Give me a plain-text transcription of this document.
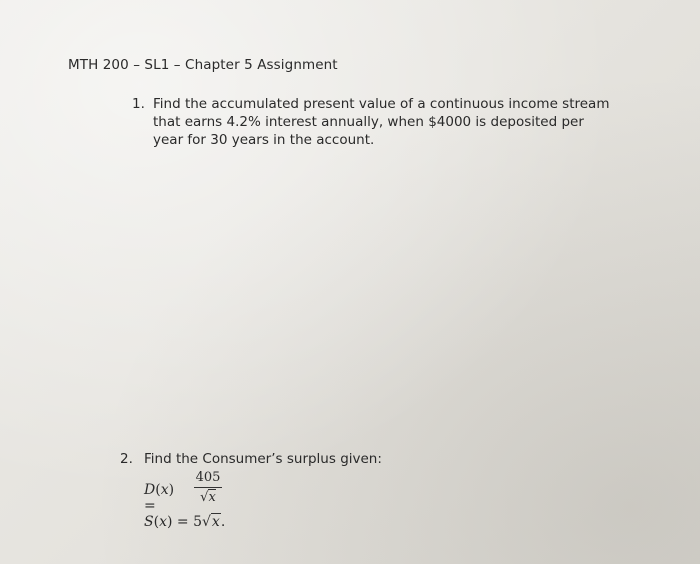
MTH 200 – SL1 – Chapter 5 Assignment
1. Find the accumulated present value of a continuous income stream that earns 4.2% interest annually, when $4000 is deposited per year for 30 years in the account.
2. Find the Consumer’s surplus given:
D(x) =
405
√x
S(x) = 5√x.
